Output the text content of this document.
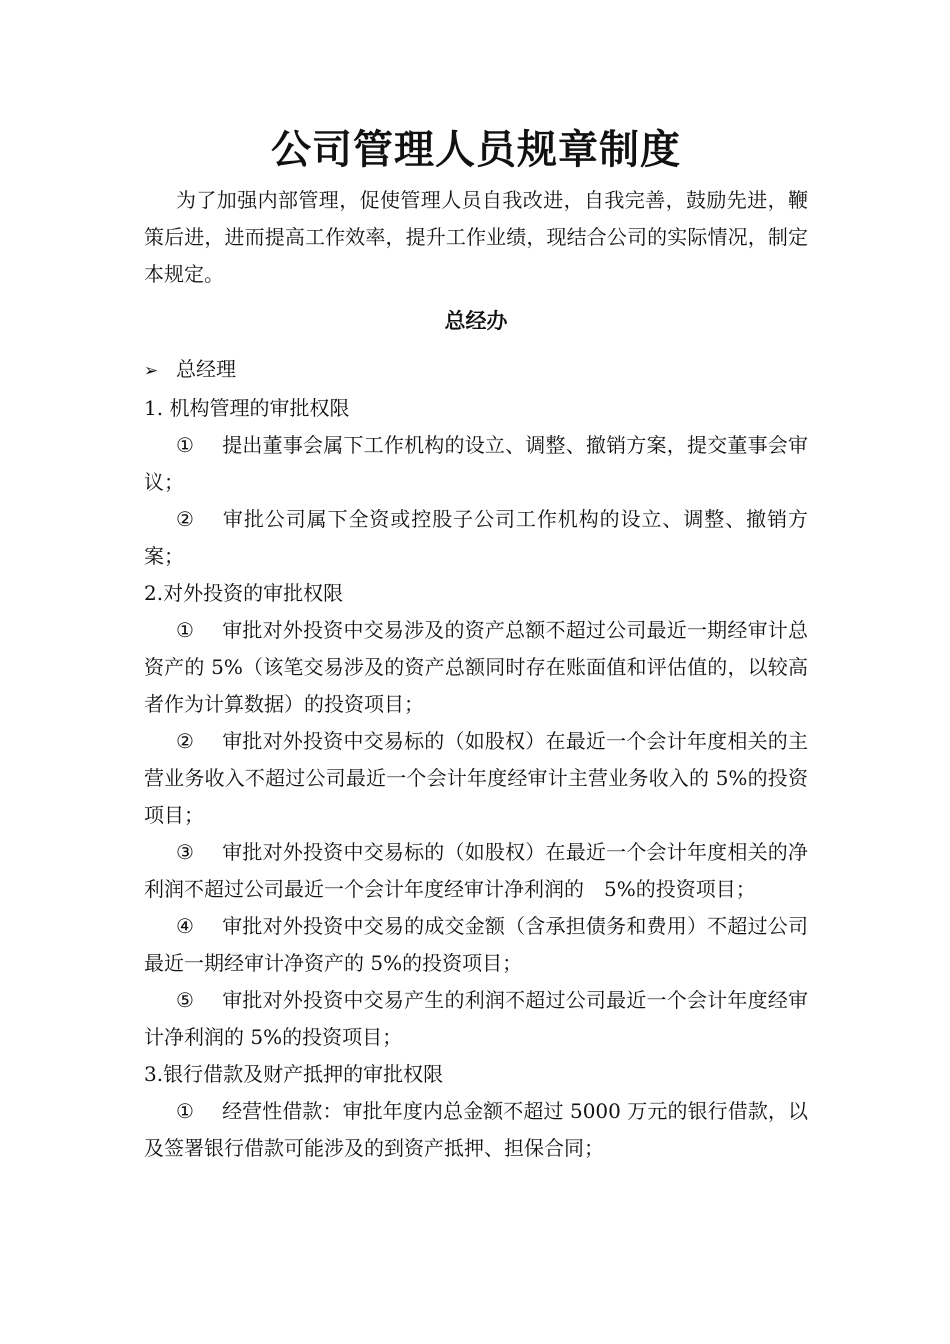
公司管理人员规章制度

为了加强内部管理，促使管理人员自我改进，自我完善，鼓励先进，鞭策后进，进而提高工作效率，提升工作业绩，现结合公司的实际情况，制定本规定。

总经办

➢ 总经理

1. 机构管理的审批权限

① 提出董事会属下工作机构的设立、调整、撤销方案，提交董事会审议；

② 审批公司属下全资或控股子公司工作机构的设立、调整、撤销方案；

2.对外投资的审批权限

① 审批对外投资中交易涉及的资产总额不超过公司最近一期经审计总资产的 5%（该笔交易涉及的资产总额同时存在账面值和评估值的，以较高者作为计算数据）的投资项目；

② 审批对外投资中交易标的（如股权）在最近一个会计年度相关的主营业务收入不超过公司最近一个会计年度经审计主营业务收入的 5%的投资项目；

③ 审批对外投资中交易标的（如股权）在最近一个会计年度相关的净利润不超过公司最近一个会计年度经审计净利润的　5%的投资项目；

④ 审批对外投资中交易的成交金额（含承担债务和费用）不超过公司最近一期经审计净资产的 5%的投资项目；

⑤ 审批对外投资中交易产生的利润不超过公司最近一个会计年度经审计净利润的 5%的投资项目；

3.银行借款及财产抵押的审批权限

① 经营性借款：审批年度内总金额不超过 5000 万元的银行借款，以及签署银行借款可能涉及的到资产抵押、担保合同；
